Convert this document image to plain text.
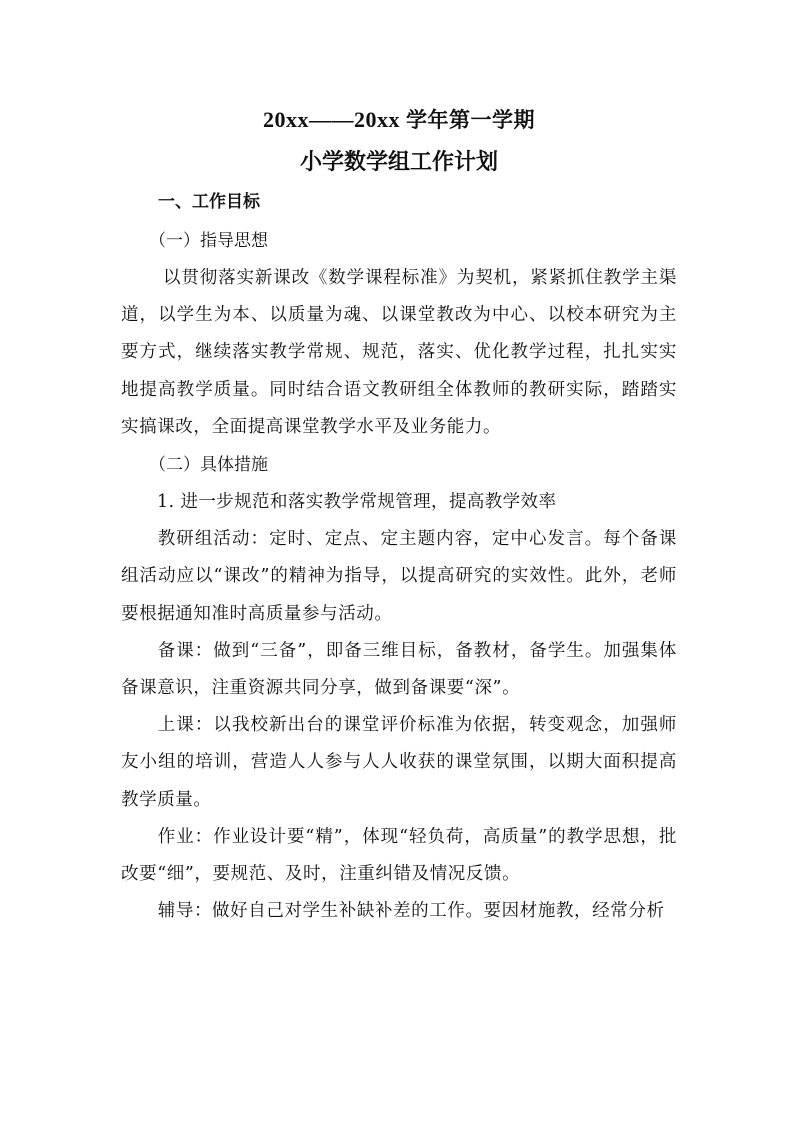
20xx——20xx 学年第一学期
小学数学组工作计划
一、工作目标
（一）指导思想

以贯彻落实新课改《数学课程标准》为契机，紧紧抓住教学主渠道，以学生为本、以质量为魂、以课堂教改为中心、以校本研究为主要方式，继续落实教学常规、规范，落实、优化教学过程，扎扎实实地提高教学质量。同时结合语文教研组全体教师的教研实际，踏踏实实搞课改，全面提高课堂教学水平及业务能力。

（二）具体措施

1. 进一步规范和落实教学常规管理，提高教学效率

教研组活动：定时、定点、定主题内容，定中心发言。每个备课组活动应以“课改”的精神为指导，以提高研究的实效性。此外，老师要根据通知准时高质量参与活动。

备课：做到“三备”，即备三维目标，备教材，备学生。加强集体备课意识，注重资源共同分享，做到备课要“深”。

上课：以我校新出台的课堂评价标准为依据，转变观念，加强师友小组的培训，营造人人参与人人收获的课堂氛围，以期大面积提高教学质量。

作业：作业设计要“精”，体现“轻负荷，高质量”的教学思想，批改要“细”，要规范、及时，注重纠错及情况反馈。

辅导：做好自己对学生补缺补差的工作。要因材施教，经常分析
